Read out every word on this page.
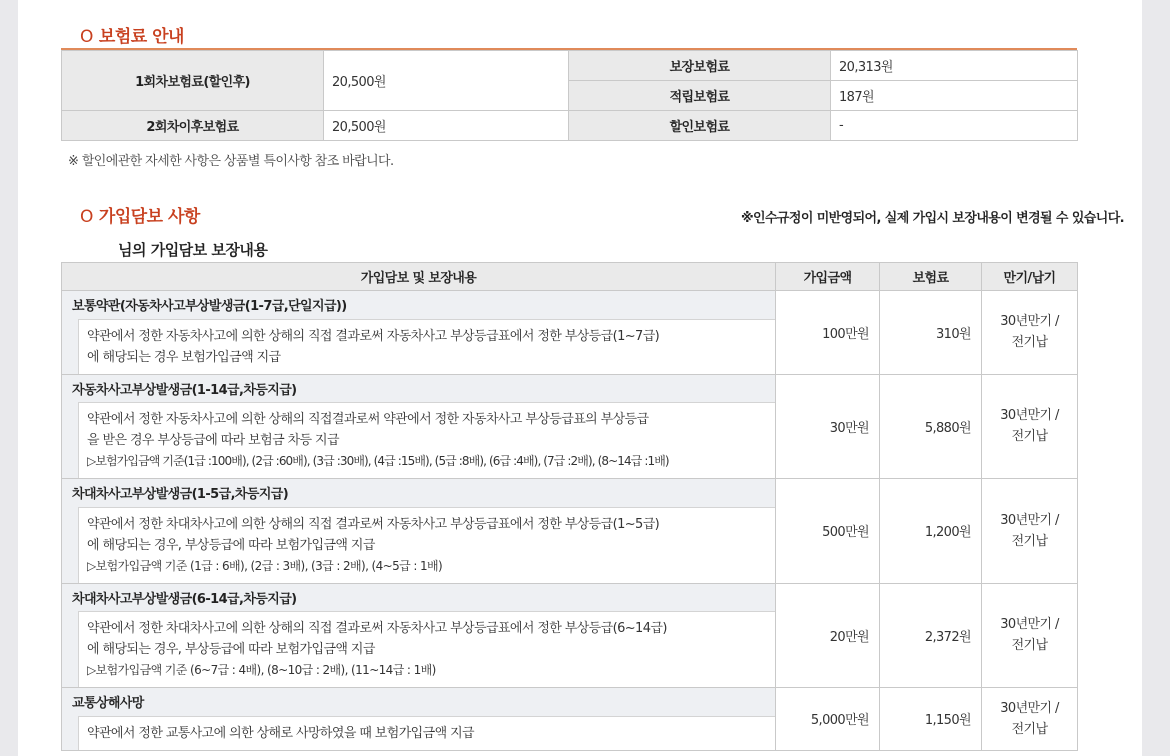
O 보험료 안내
1회차보험료(할인후)	20,500원	보장보험료	20,313원
		적립보험료	187원
2회차이후보험료	20,500원	할인보험료	-
※ 할인에관한 자세한 사항은 상품별 특이사항 참조 바랍니다.
O 가입담보 사항	※인수규정이 미반영되어, 실제 가입시 보장내용이 변경될 수 있습니다.
님의 가입담보 보장내용
가입담보 및 보장내용	가입금액	보험료	만기/납기
보통약관(자동차사고부상발생금(1-7급,단일지급))	100만원	310원	30년만기 /
전기납

약관에서 정한 자동차사고에 의한 상해의 직접 결과로써 자동차사고 부상등급표에서 정한 부상등급(1~7급)
에 해당되는 경우 보험가입금액 지급			

자동차사고부상발생금(1-14급,차등지급)	30만원	5,880원	30년만기 /
전기납

약관에서 정한 자동차사고에 의한 상해의 직접결과로써 약관에서 정한 자동차사고 부상등급표의 부상등급
을 받은 경우 부상등급에 따라 보험금 차등 지급
▷보험가입금액 기준(1급 :100배), (2급 :60배), (3급 :30배), (4급 :15배), (5급 :8배), (6급 :4배), (7급 :2배), (8~14급 :1배)			

차대차사고부상발생금(1-5급,차등지급)	500만원	1,200원	30년만기 /
전기납

약관에서 정한 차대차사고에 의한 상해의 직접 결과로써 자동차사고 부상등급표에서 정한 부상등급(1~5급)
에 해당되는 경우, 부상등급에 따라 보험가입금액 지급
▷보험가입금액 기준 (1급 : 6배), (2급 : 3배), (3급 : 2배), (4~5급 : 1배)			

차대차사고부상발생금(6-14급,차등지급)	20만원	2,372원	30년만기 /
전기납

약관에서 정한 차대차사고에 의한 상해의 직접 결과로써 자동차사고 부상등급표에서 정한 부상등급(6~14급)
에 해당되는 경우, 부상등급에 따라 보험가입금액 지급
▷보험가입금액 기준 (6~7급 : 4배), (8~10급 : 2배), (11~14급 : 1배)			

교통상해사망	5,000만원	1,150원	30년만기 /
전기납

약관에서 정한 교통사고에 의한 상해로 사망하였을 때 보험가입금액 지급			
